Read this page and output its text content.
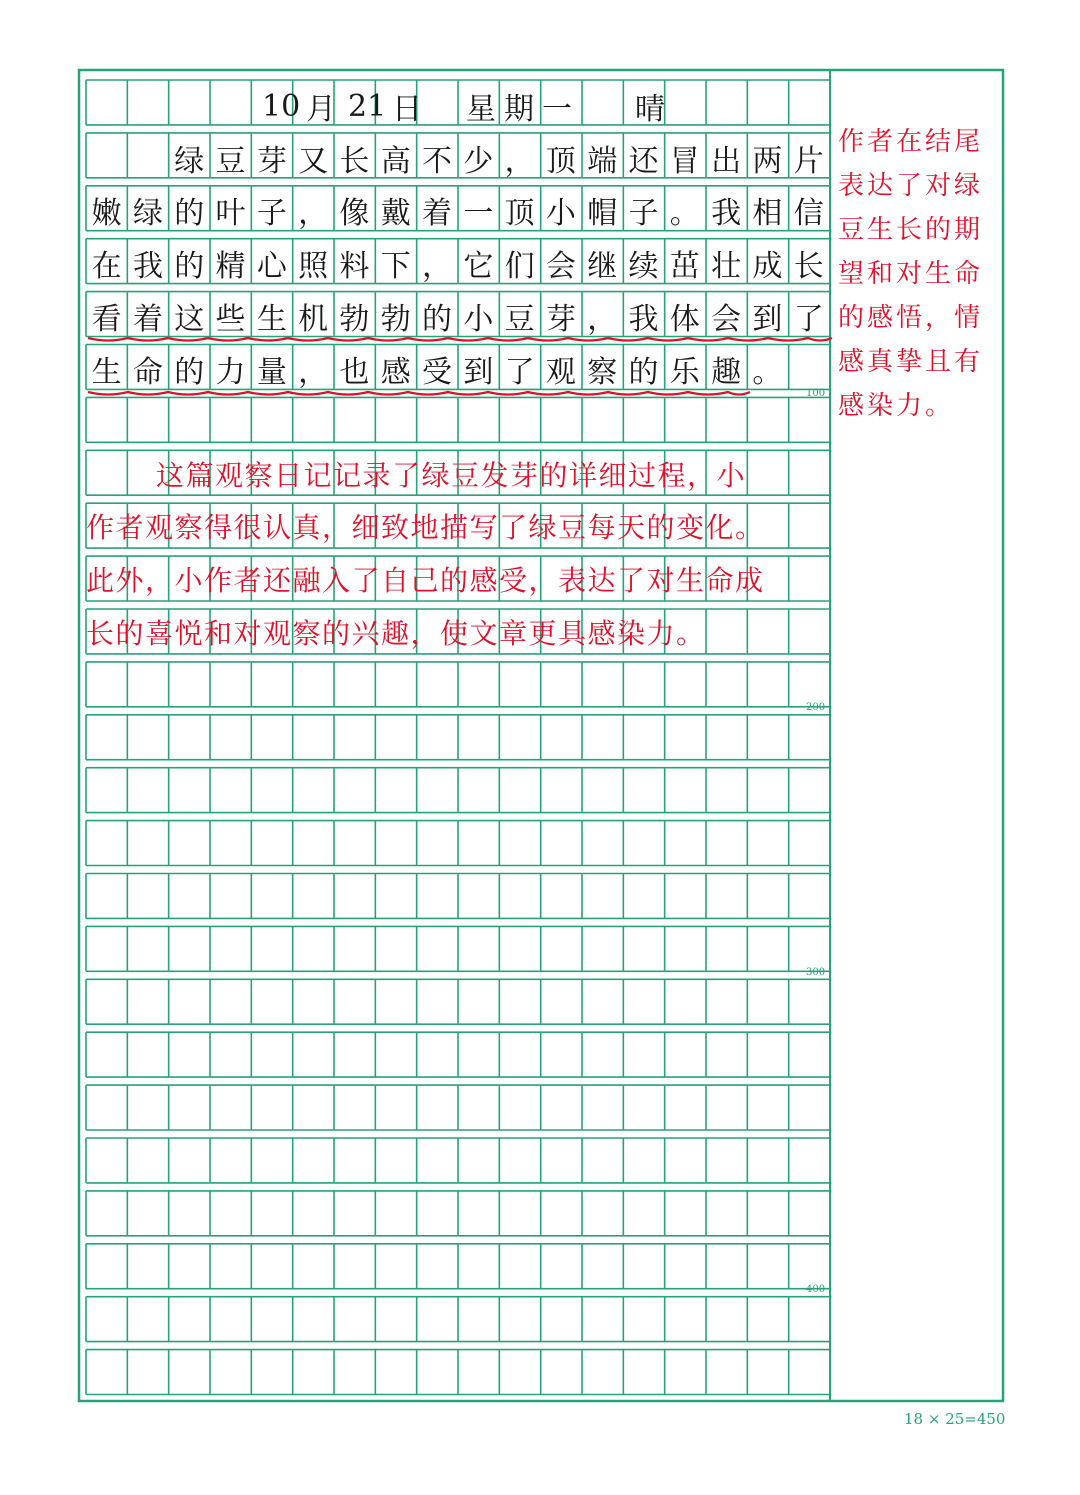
10 月 21 日 星期一 晴
绿 豆 芽 又 长 高 不 少 ， 顶 端 还 冒 出 两 片
嫩 绿 的 叶 子 ， 像 戴 着 一 顶 小 帽 子 。 我 相 信
在 我 的 精 心 照 料 下 ， 它 们 会 继 续 茁 壮 成 长
看 着 这 些 生 机 勃 勃 的 小 豆 芽 ， 我 体 会 到 了
生 命 的 力 量 ， 也 感 受 到 了 观 察 的 乐 趣 。
这篇观察日记记录了绿豆发芽的详细过程，小
作者观察得很认真，细致地描写了绿豆每天的变化。
此外，小作者还融入了自己的感受，表达了对生命成
长的喜悦和对观察的兴趣，使文章更具感染力。
作者在结尾
表达了对绿
豆生长的期
望和对生命
的感悟，情
感真挚且有
感染力。
100
200
300
400
18 × 25=450
